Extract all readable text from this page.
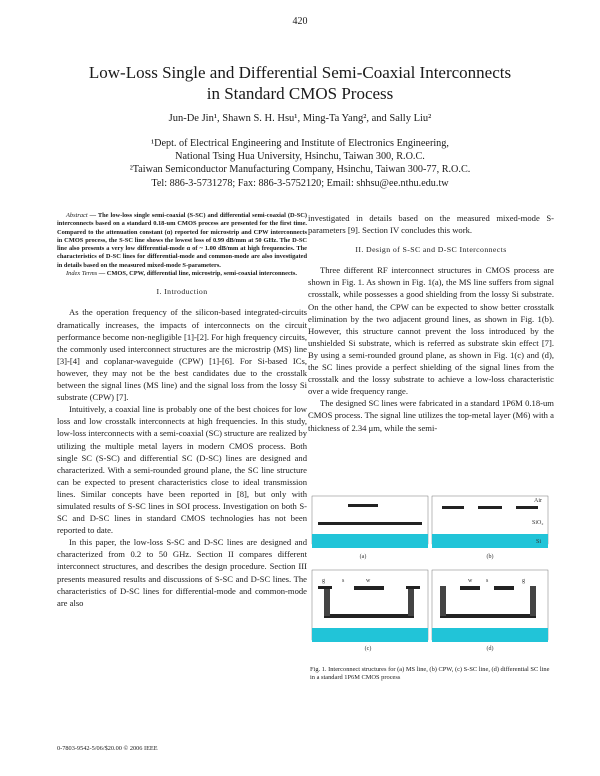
420
Low-Loss Single and Differential Semi-Coaxial Interconnects
in Standard CMOS Process
Jun-De Jin¹, Shawn S. H. Hsu¹, Ming-Ta Yang², and Sally Liu²
¹Dept. of Electrical Engineering and Institute of Electronics Engineering,
National Tsing Hua University, Hsinchu, Taiwan 300, R.O.C.
²Taiwan Semiconductor Manufacturing Company, Hsinchu, Taiwan 300-77, R.O.C.
Tel: 886-3-5731278; Fax: 886-3-5752120; Email: shhsu@ee.nthu.edu.tw

Abstract — The low-loss single semi-coaxial (S-SC) and differential semi-coaxial (D-SC) interconnects based on a standard 0.18-um CMOS process are presented for the first time. Compared to the attenuation constant (α) reported for microstrip and CPW interconnects in CMOS process, the S-SC line shows the lowest loss of 0.99 dB/mm at 50 GHz. The D-SC line also presents a very low differential-mode α of ~ 1.00 dB/mm at high frequencies. The characteristics of D-SC lines for differential-mode and common-mode are also investigated in details based on the measured mixed-mode S-parameters.

Index Terms — CMOS, CPW, differential line, microstrip, semi-coaxial interconnects.

I. Introduction

As the operation frequency of the silicon-based integrated-circuits dramatically increases, the impacts of interconnects on the circuit performance become non-negligible [1]-[2]. For high frequency circuits, the commonly used interconnect structures are the microstrip (MS) line [3]-[4] and coplanar-waveguide (CPW) [1]-[6]. For Si-based ICs, however, they may not be the best candidates due to the crosstalk between the signal lines (MS line) and the signal loss from the lossy Si substrate (CPW) [7].

Intuitively, a coaxial line is probably one of the best choices for low loss and low crosstalk interconnects at high frequencies. In this study, low-loss interconnects with a semi-coaxial (SC) structure are realized by utilizing the multiple metal layers in modern CMOS process. Both single SC (S-SC) and differential SC (D-SC) lines are designed and characterized. With a semi-rounded ground plane, the SC line structure can be expected to present characteristics close to ideal transmission lines. Similar concepts have been reported in [8], but only with simulated results of S-SC lines in SOI process. Investigation on both S-SC and D-SC lines in standard CMOS technologies has not been reported to date.

In this paper, the low-loss S-SC and D-SC lines are designed and characterized from 0.2 to 50 GHz. Section II compares different interconnect structures, and describes the design procedure. Section III presents measured results and discussions of S-SC and D-SC lines. The characteristics of D-SC lines for differential-mode and common-mode are also

investigated in details based on the measured mixed-mode S-parameters [9]. Section IV concludes this work.

II. Design of S-SC and D-SC Interconnects

Three different RF interconnect structures in CMOS process are shown in Fig. 1. As shown in Fig. 1(a), the MS line suffers from signal crosstalk, while possesses a good shielding from the lossy Si substrate. On the other hand, the CPW can be expected to show better crosstalk elimination by the two adjacent ground lines, as shown in Fig. 1(b). However, this structure cannot prevent the loss introduced by the unshielded Si substrate, which is referred as substrate skin effect [7]. By using a semi-rounded ground plane, as shown in Fig. 1(c) and (d), the SC lines provide a perfect shielding of the signal lines from the crosstalk and the lossy substrate to achieve a low-loss characteristic over a wide frequency range.

The designed SC lines were fabricated in a standard 1P6M 0.18-um CMOS process. The signal line utilizes the top-metal layer (M6) with a thickness of 2.34 μm, while the semi-

(a)	(b)
Air
SiO₂
Si
w
s
g
(c)
w s	g
(d)
Fig. 1. Interconnect structures for (a) MS line, (b) CPW, (c) S-SC line, (d) differential SC line in a standard 1P6M CMOS process
0-7803-9542-5/06/$20.00 © 2006 IEEE
